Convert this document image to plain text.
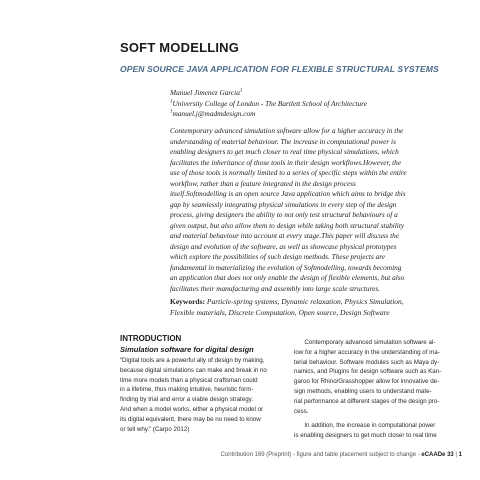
SOFT MODELLING
OPEN SOURCE JAVA APPLICATION FOR FLEXIBLE STRUCTURAL SYSTEMS
Manuel Jimenez Garcia$^1$
$^1$University College of London - The Bartlett School of Architecture
$^1$manuel.j@madmdesign.com
Contemporary advanced simulation software allow for a higher accuracy in the
understanding of material behaviour. The increase in computational power is
enabling designers to get much closer to real time physical simulations, which
facilitates the inheritance of those tools in their design workflows.However, the
use of those tools is normally limited to a series of specific steps within the entire
workflow, rather than a feature integrated in the design process
itself.Softmodelling is an open source Java application which aims to bridge this
gap by seamlessly integrating physical simulations in every step of the design
process, giving designers the ability to not only test structural behaviours of a
given output, but also allow them to design while taking both structural stability
and material behaviour into account at every stage.This paper will discuss the
design and evolution of the software, as well as showcase physical prototypes
which explore the possibilities of such design methods. These projects are
fundamental in materializing the evolution of Softmodelling, towards becoming
an application that does not only enable the design of flexible elements, but also
facilitates their manufacturing and assembly into large scale structures.
Keywords: Particle-spring systems, Dynamic relaxation, Physics Simulation,
Flexible materials, Discrete Computation, Open source, Design Software
INTRODUCTION
Simulation software for digital design
“Digital tools are a powerful ally of design by making,
because digital simulations can make and break in no
time more models than a physical craftsman could
in a lifetime, thus making intuitive, heuristic form-
finding by trial and error a viable design strategy.
And when a model works, either a physical model or
its digital equivalent, there may be no need to know
or tell why.” (Carpo 2012)
Contemporary advanced simulation software al-
low for a higher accuracy in the understanding of ma-
terial behaviour. Software modules such as Maya dy-
namics, and Plugins for design software such as Kan-
garoo for Rhino/Grasshopper allow for innovative de-
sign methods, enabling users to understand mate-
rial performance at different stages of the design pro-
cess.
In addition, the increase in computational power
is enabling designers to get much closer to real time
Contribution 169 (Preprint) - figure and table placement subject to change - eCAADe 33 | 1
